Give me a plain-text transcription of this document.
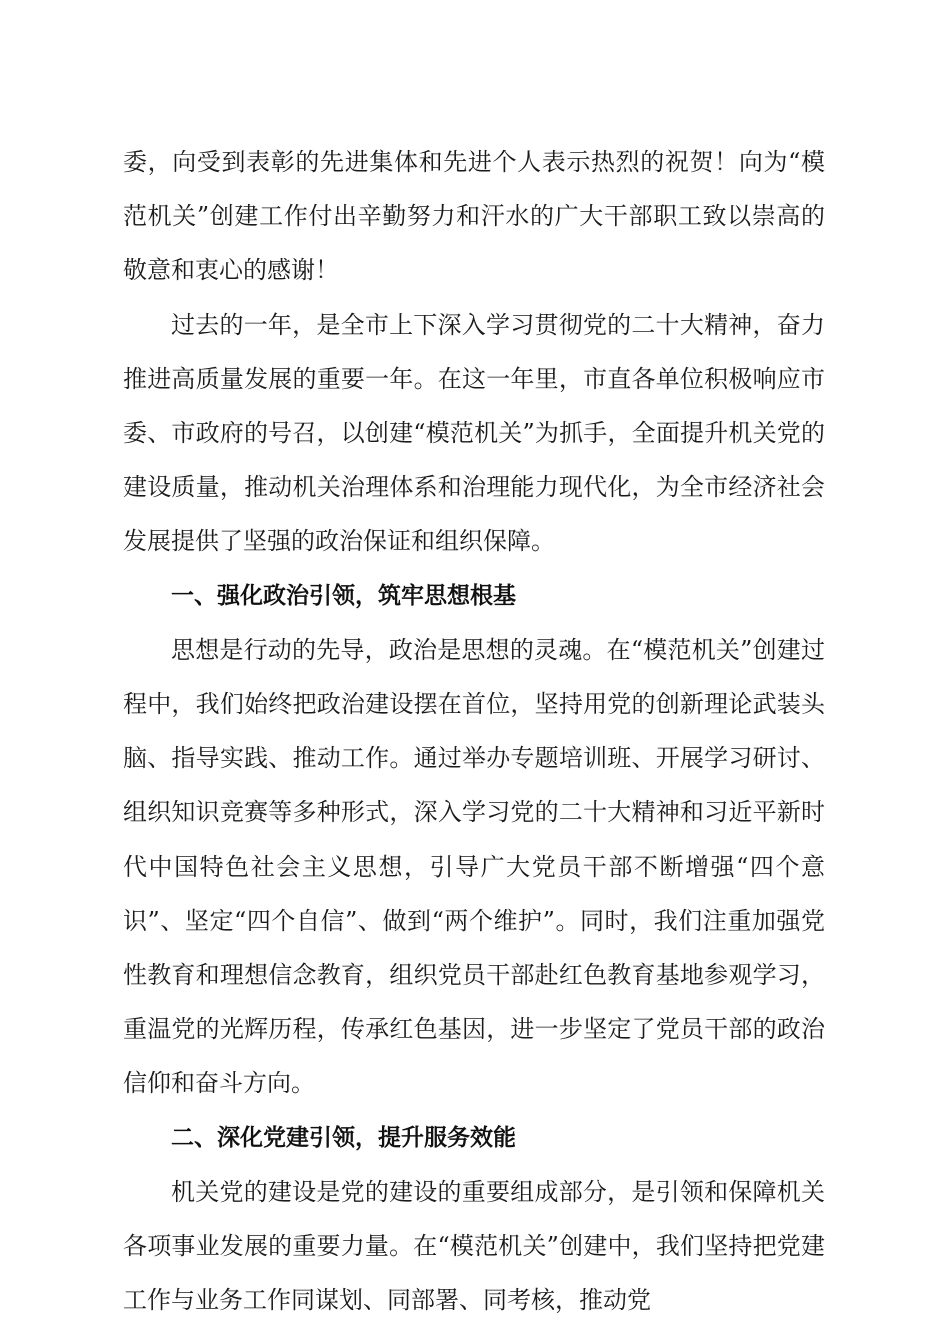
委，向受到表彰的先进集体和先进个人表示热烈的祝贺！向为“模范机关”创建工作付出辛勤努力和汗水的广大干部职工致以崇高的敬意和衷心的感谢！

过去的一年，是全市上下深入学习贯彻党的二十大精神，奋力推进高质量发展的重要一年。在这一年里，市直各单位积极响应市委、市政府的号召，以创建“模范机关”为抓手，全面提升机关党的建设质量，推动机关治理体系和治理能力现代化，为全市经济社会发展提供了坚强的政治保证和组织保障。

一、强化政治引领，筑牢思想根基

思想是行动的先导，政治是思想的灵魂。在“模范机关”创建过程中，我们始终把政治建设摆在首位，坚持用党的创新理论武装头脑、指导实践、推动工作。通过举办专题培训班、开展学习研讨、组织知识竞赛等多种形式，深入学习党的二十大精神和习近平新时代中国特色社会主义思想，引导广大党员干部不断增强“四个意识”、坚定“四个自信”、做到“两个维护”。同时，我们注重加强党性教育和理想信念教育，组织党员干部赴红色教育基地参观学习，重温党的光辉历程，传承红色基因，进一步坚定了党员干部的政治信仰和奋斗方向。

二、深化党建引领，提升服务效能

机关党的建设是党的建设的重要组成部分，是引领和保障机关各项事业发展的重要力量。在“模范机关”创建中，我们坚持把党建工作与业务工作同谋划、同部署、同考核，推动党
